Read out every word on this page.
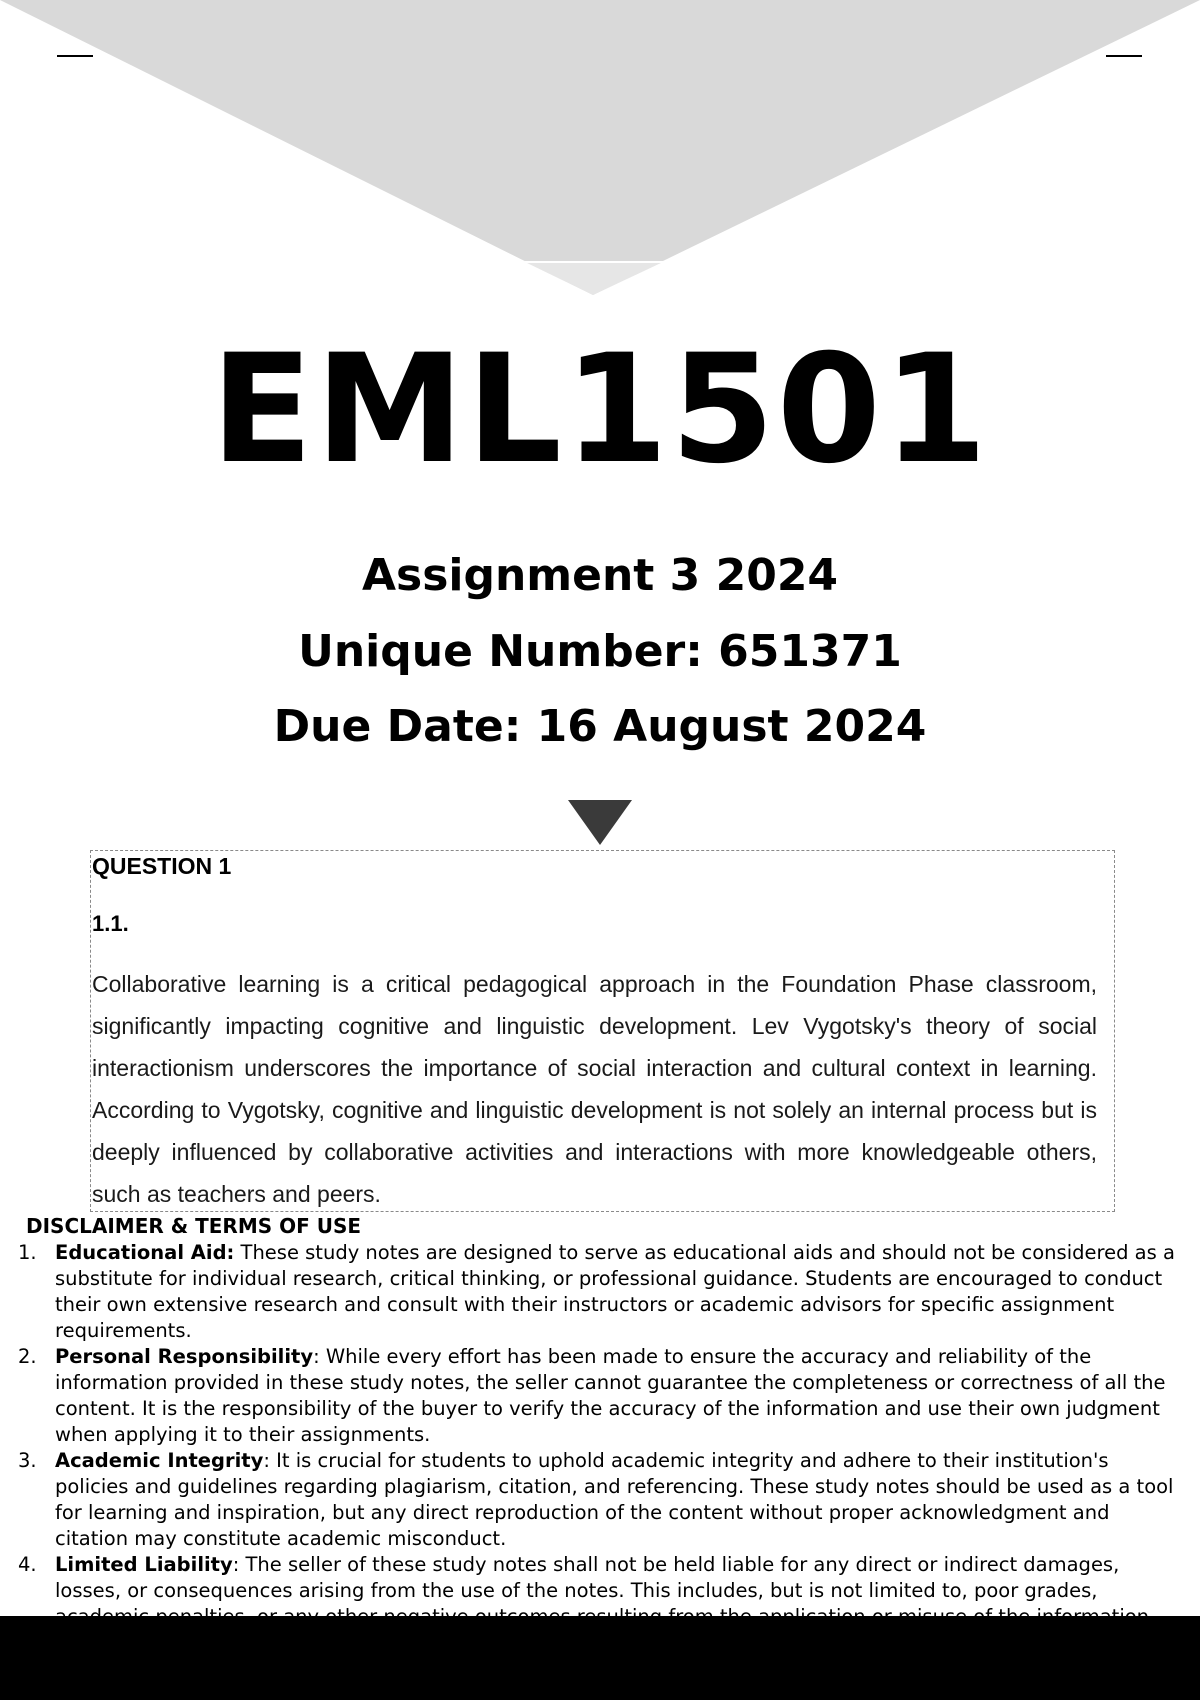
EML1501
Assignment 3 2024
Unique Number: 651371
Due Date: 16 August 2024
QUESTION 1
1.1.
Collaborative learning is a critical pedagogical approach in the Foundation Phase classroom, significantly impacting cognitive and linguistic development. Lev Vygotsky's theory of social interactionism underscores the importance of social interaction and cultural context in learning. According to Vygotsky, cognitive and linguistic development is not solely an internal process but is deeply influenced by collaborative activities and interactions with more knowledgeable others, such as teachers and peers.
DISCLAIMER & TERMS OF USE
1. Educational Aid: These study notes are designed to serve as educational aids and should not be considered as a substitute for individual research, critical thinking, or professional guidance. Students are encouraged to conduct their own extensive research and consult with their instructors or academic advisors for specific assignment requirements.
2. Personal Responsibility: While every effort has been made to ensure the accuracy and reliability of the information provided in these study notes, the seller cannot guarantee the completeness or correctness of all the content. It is the responsibility of the buyer to verify the accuracy of the information and use their own judgment when applying it to their assignments.
3. Academic Integrity: It is crucial for students to uphold academic integrity and adhere to their institution's policies and guidelines regarding plagiarism, citation, and referencing. These study notes should be used as a tool for learning and inspiration, but any direct reproduction of the content without proper acknowledgment and citation may constitute academic misconduct.
4. Limited Liability: The seller of these study notes shall not be held liable for any direct or indirect damages, losses, or consequences arising from the use of the notes. This includes, but is not limited to, poor grades,
